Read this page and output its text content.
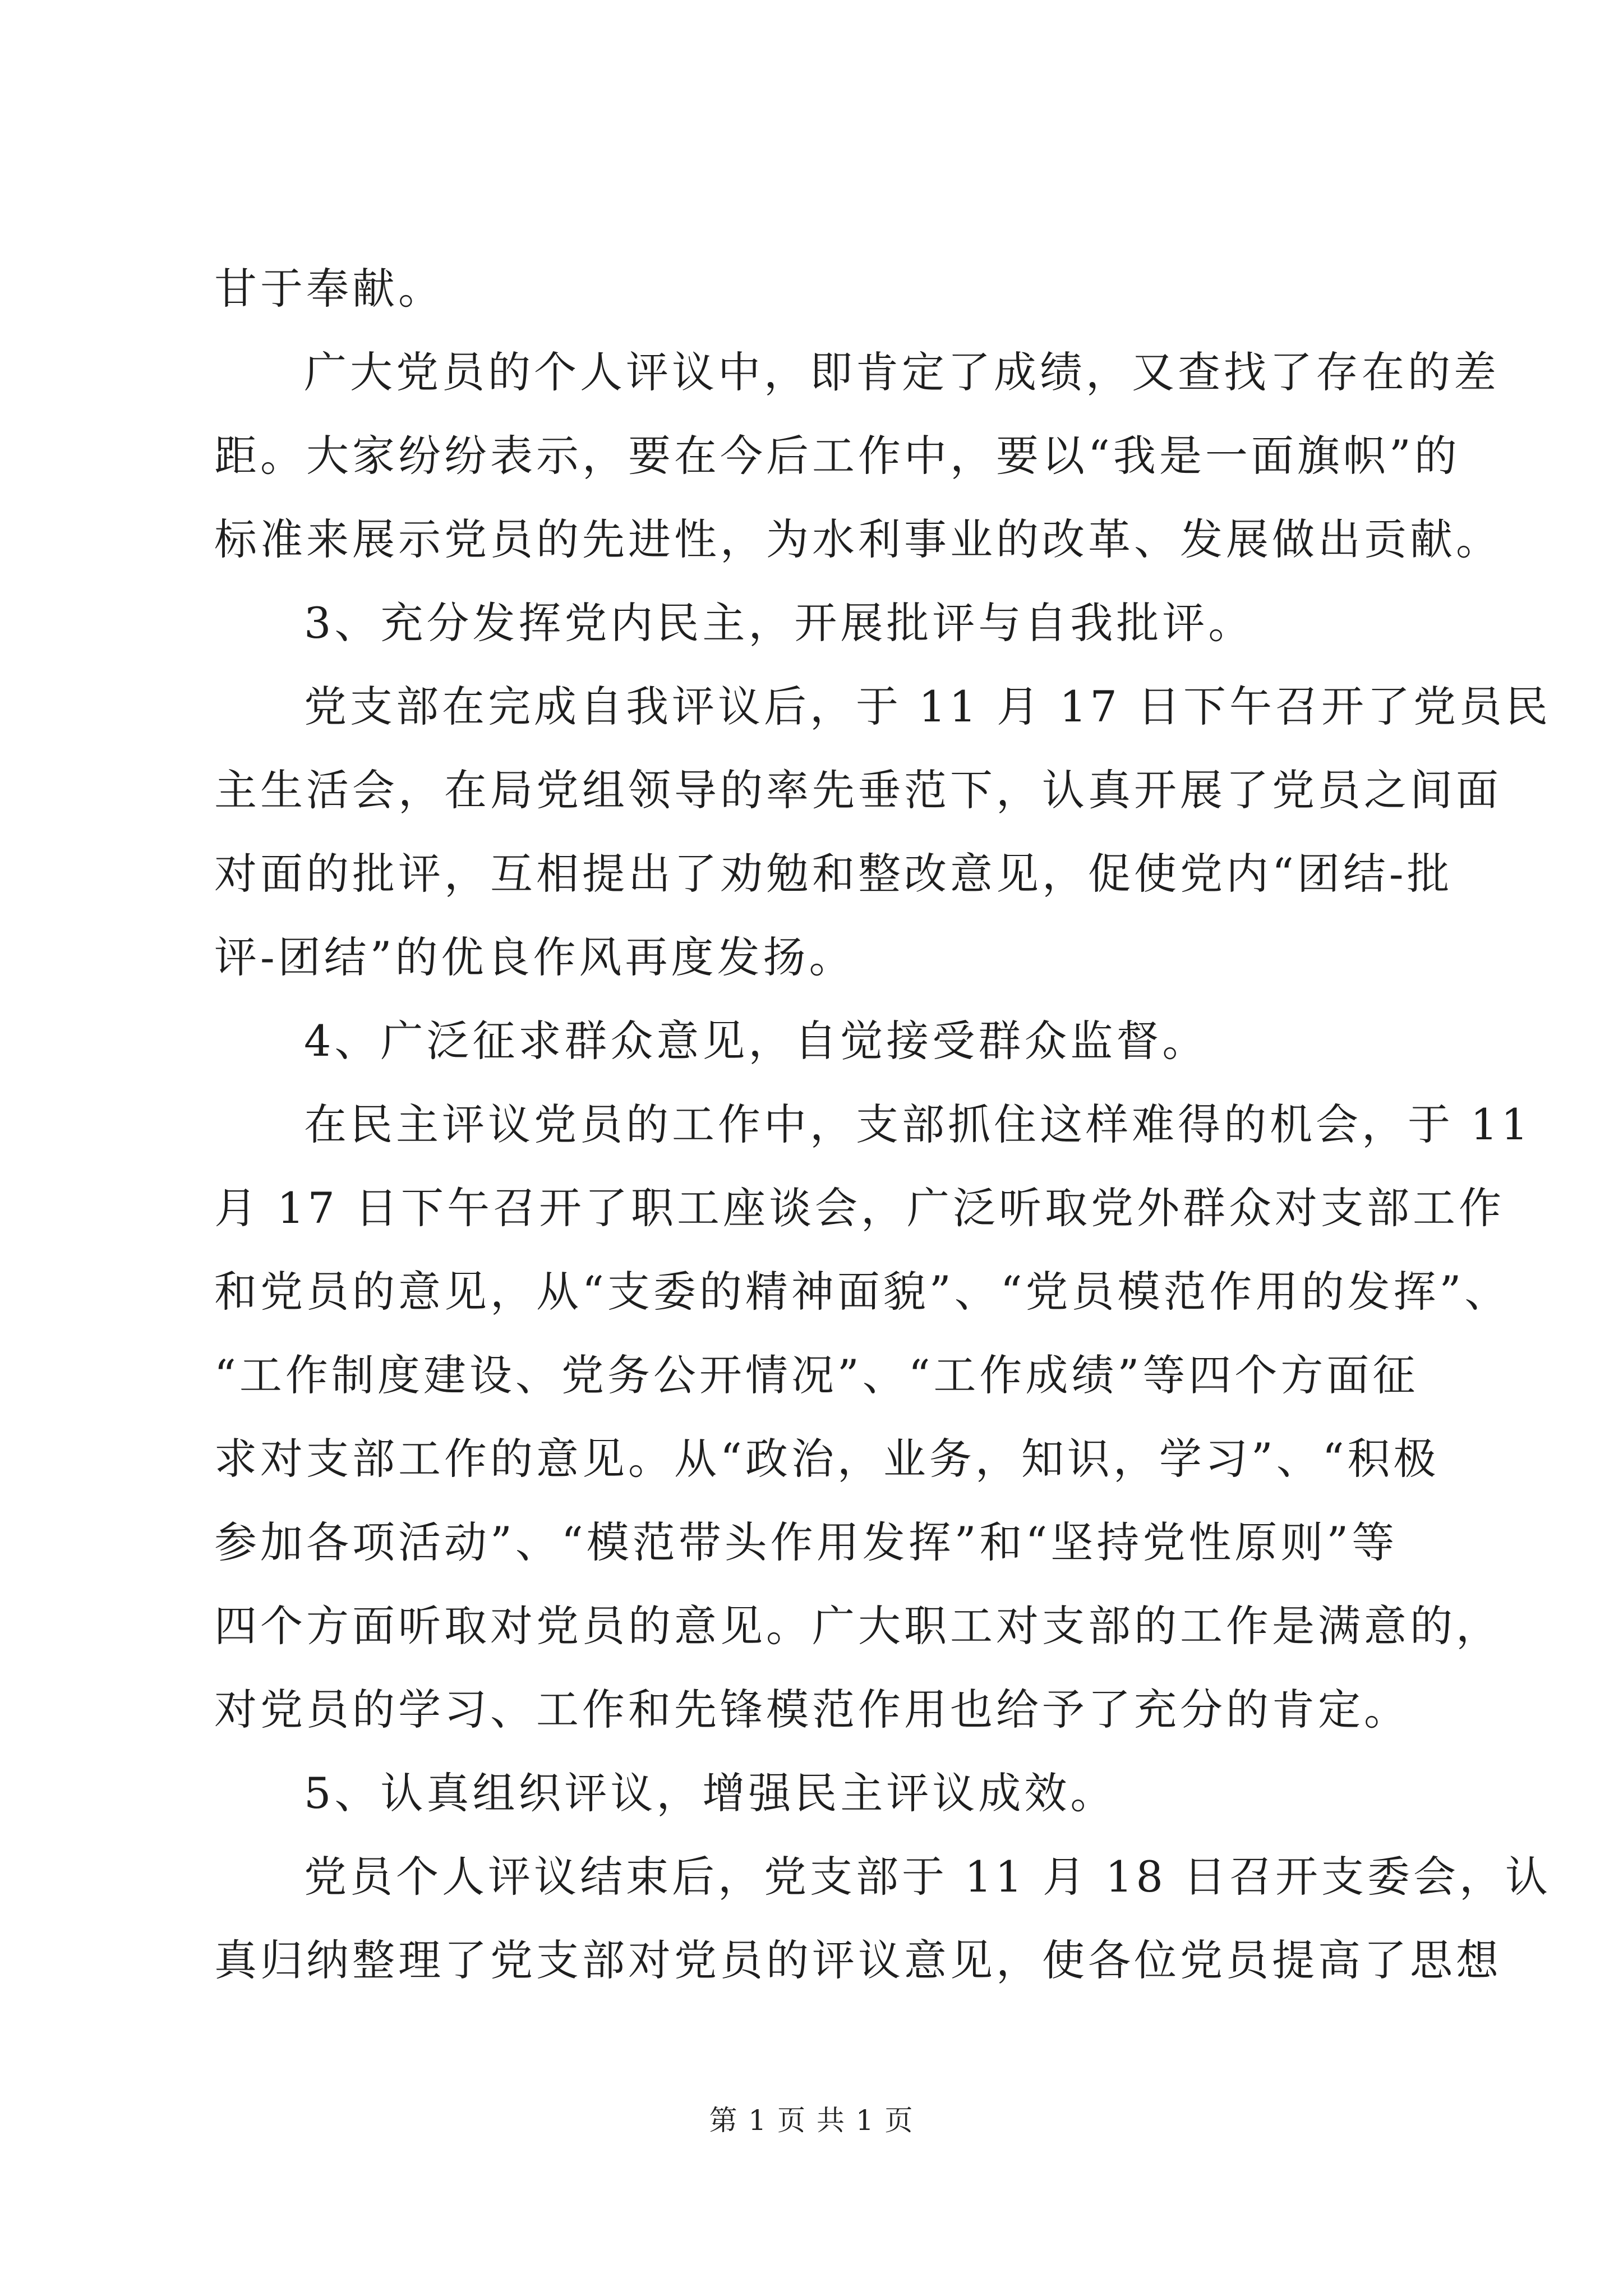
甘于奉献。
广大党员的个人评议中，即肯定了成绩，又查找了存在的差
距。大家纷纷表示，要在今后工作中，要以“我是一面旗帜”的
标准来展示党员的先进性，为水利事业的改革、发展做出贡献。
3、充分发挥党内民主，开展批评与自我批评。
党支部在完成自我评议后，于 11 月 17 日下午召开了党员民
主生活会，在局党组领导的率先垂范下，认真开展了党员之间面
对面的批评，互相提出了劝勉和整改意见，促使党内“团结-批
评-团结”的优良作风再度发扬。
4、广泛征求群众意见，自觉接受群众监督。
在民主评议党员的工作中，支部抓住这样难得的机会，于 11
月 17 日下午召开了职工座谈会，广泛听取党外群众对支部工作
和党员的意见，从“支委的精神面貌”、“党员模范作用的发挥”、
“工作制度建设、党务公开情况”、“工作成绩”等四个方面征
求对支部工作的意见。从“政治，业务，知识，学习”、“积极
参加各项活动”、“模范带头作用发挥”和“坚持党性原则”等
四个方面听取对党员的意见。广大职工对支部的工作是满意的，
对党员的学习、工作和先锋模范作用也给予了充分的肯定。
5、认真组织评议，增强民主评议成效。
党员个人评议结束后，党支部于 11 月 18 日召开支委会，认
真归纳整理了党支部对党员的评议意见，使各位党员提高了思想
第 1 页 共 1 页
